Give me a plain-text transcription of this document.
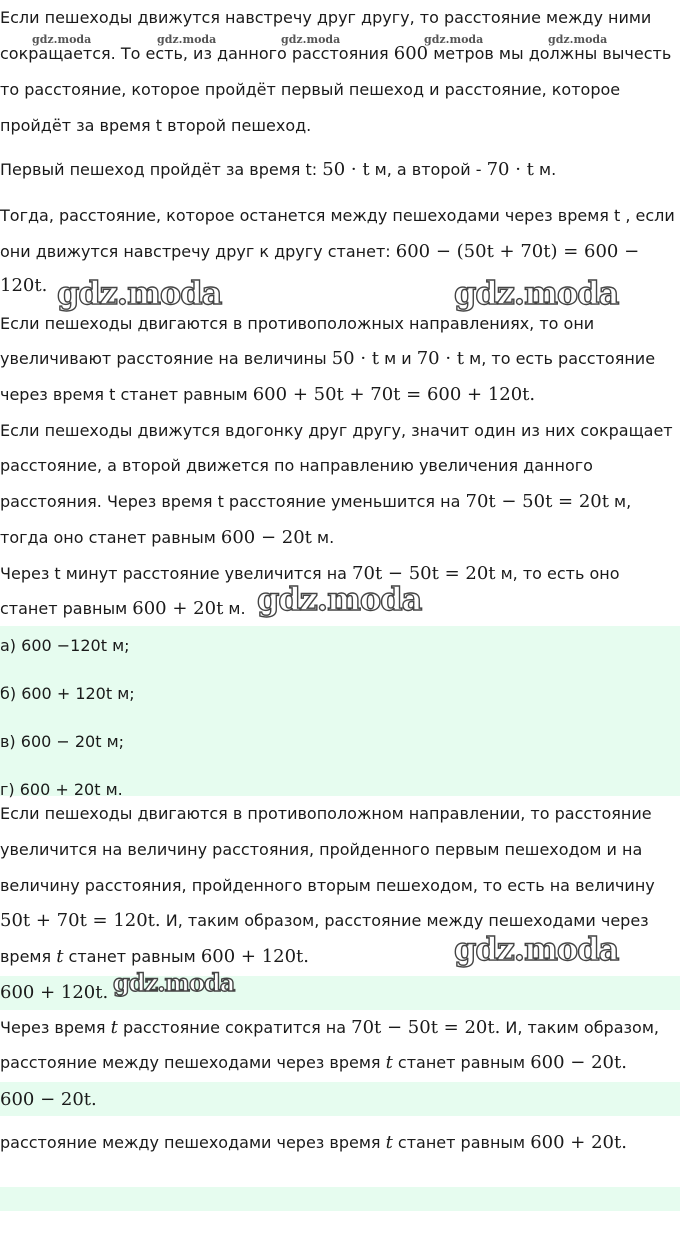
gdz.moda	gdz.moda	gdz.moda	gdz.moda	gdz.moda
Если пешеходы движутся навстречу друг другу, то расстояние между ними
сокращается. То есть, из данного расстояния 600 метров мы должны вычесть
то расстояние, которое пройдёт первый пешеход и расстояние, которое
пройдёт за время t второй пешеход.
Первый пешеход пройдёт за время t: 50 · t м, а второй - 70 · t м.
Тогда, расстояние, которое останется между пешеходами через время t , если
они движутся навстречу друг к другу станет: 600 − (50t + 70t) = 600 −
120t. gdz.moda	gdz.moda
Если пешеходы двигаются в противоположных направлениях, то они
увеличивают расстояние на величины 50 · t м и 70 · t м, то есть расстояние
через время t станет равным 600 + 50t + 70t = 600 + 120t.
Если пешеходы движутся вдогонку друг другу, значит один из них сокращает
расстояние, а второй движется по направлению увеличения данного
расстояния. Через время t расстояние уменьшится на 70t − 50t = 20t м,
тогда оно станет равным 600 − 20t м.
Через t минут расстояние увеличится на 70t − 50t = 20t м, то есть оно
станет равным 600 + 20t м. gdz.moda
а) 600 −120t м;
б) 600 + 120t м;
в) 600 − 20t м;
г) 600 + 20t м.
Если пешеходы двигаются в противоположном направлении, то расстояние
увеличится на величину расстояния, пройденного первым пешеходом и на
величину расстояния, пройденного вторым пешеходом, то есть на величину
50t + 70t = 120t. И, таким образом, расстояние между пешеходами через
время t станет равным 600 + 120t.	gdz.moda
600 + 120t. gdz.moda
Через время t расстояние сократится на 70t − 50t = 20t. И, таким образом,
расстояние между пешеходами через время t станет равным 600 − 20t.
600 − 20t.
расстояние между пешеходами через время t станет равным 600 + 20t.
